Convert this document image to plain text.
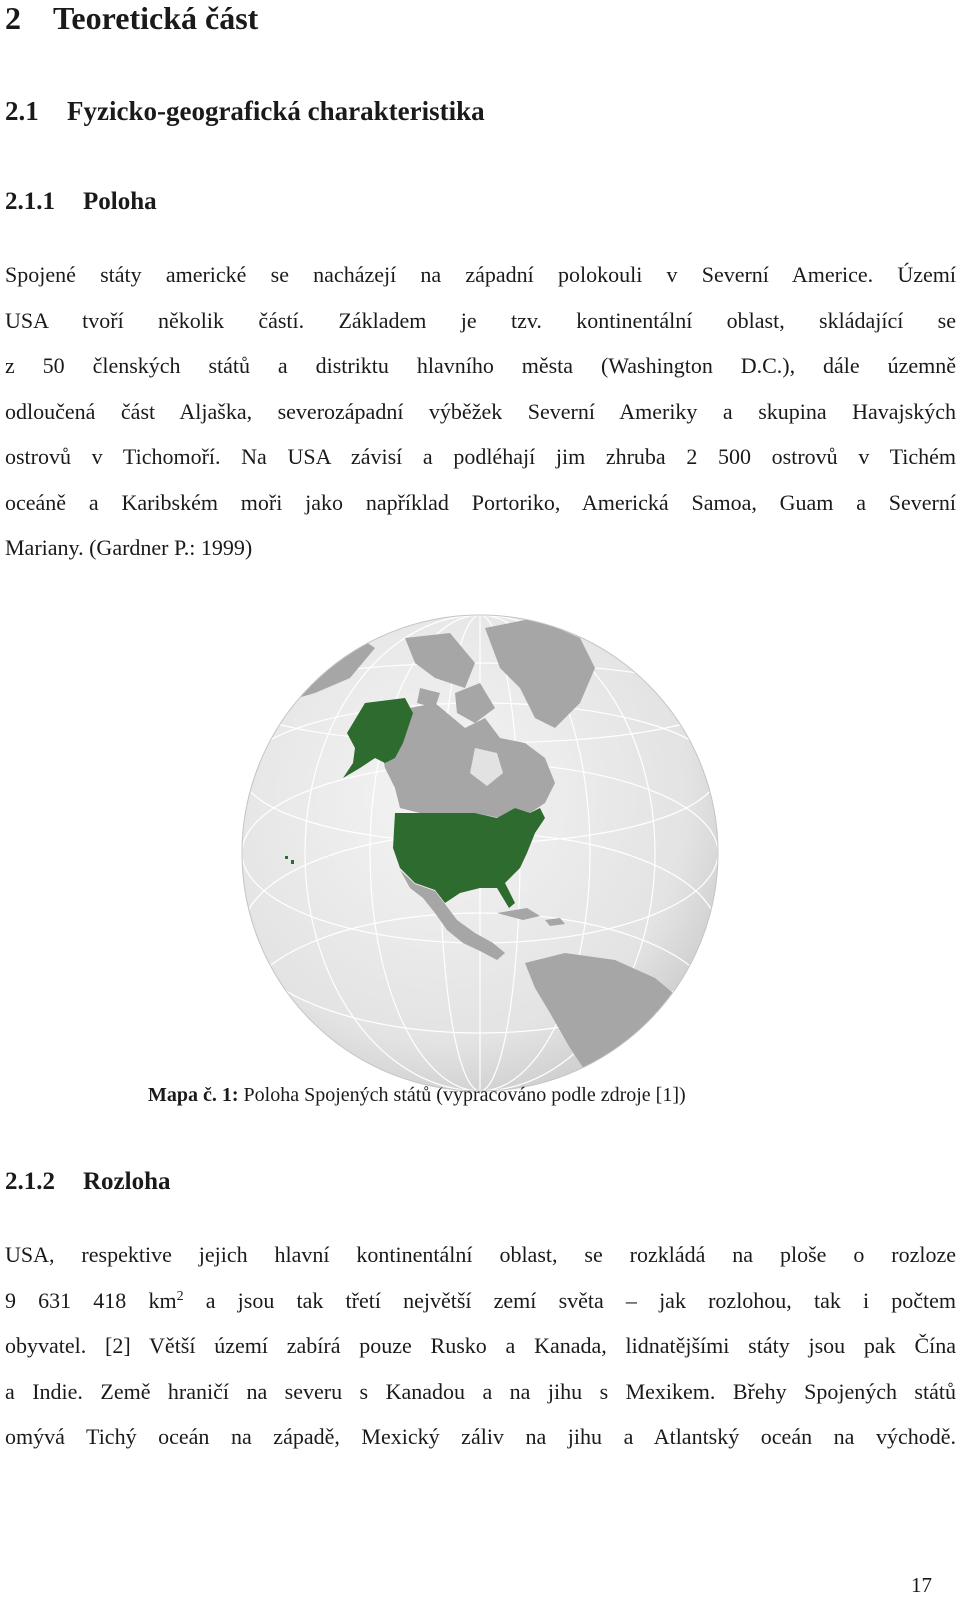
2 Teoretická část
2.1 Fyzicko-geografická charakteristika
2.1.1 Poloha
Spojené státy americké se nacházejí na západní polokouli v Severní Americe. Území
USA tvoří několik částí. Základem je tzv. kontinentální oblast, skládající se
z 50 členských států a distriktu hlavního města (Washington D.C.), dále územně
odloučená část Aljaška, severozápadní výběžek Severní Ameriky a skupina Havajských
ostrovů v Tichomoří. Na USA závisí a podléhají jim zhruba 2 500 ostrovů v Tichém
oceáně a Karibském moři jako například Portoriko, Americká Samoa, Guam a Severní
Mariany. (Gardner P.: 1999)
Mapa č. 1: Poloha Spojených států (vypracováno podle zdroje [1])
2.1.2 Rozloha
USA, respektive jejich hlavní kontinentální oblast, se rozkládá na ploše o rozloze
9 631 418 $km^2$ a jsou tak třetí největší zemí světa – jak rozlohou, tak i počtem
obyvatel. [2] Větší území zabírá pouze Rusko a Kanada, lidnatějšími státy jsou pak Čína
a Indie. Země hraničí na severu s Kanadou a na jihu s Mexikem. Břehy Spojených států
omývá Tichý oceán na západě, Mexický záliv na jihu a Atlantský oceán na východě.
17
